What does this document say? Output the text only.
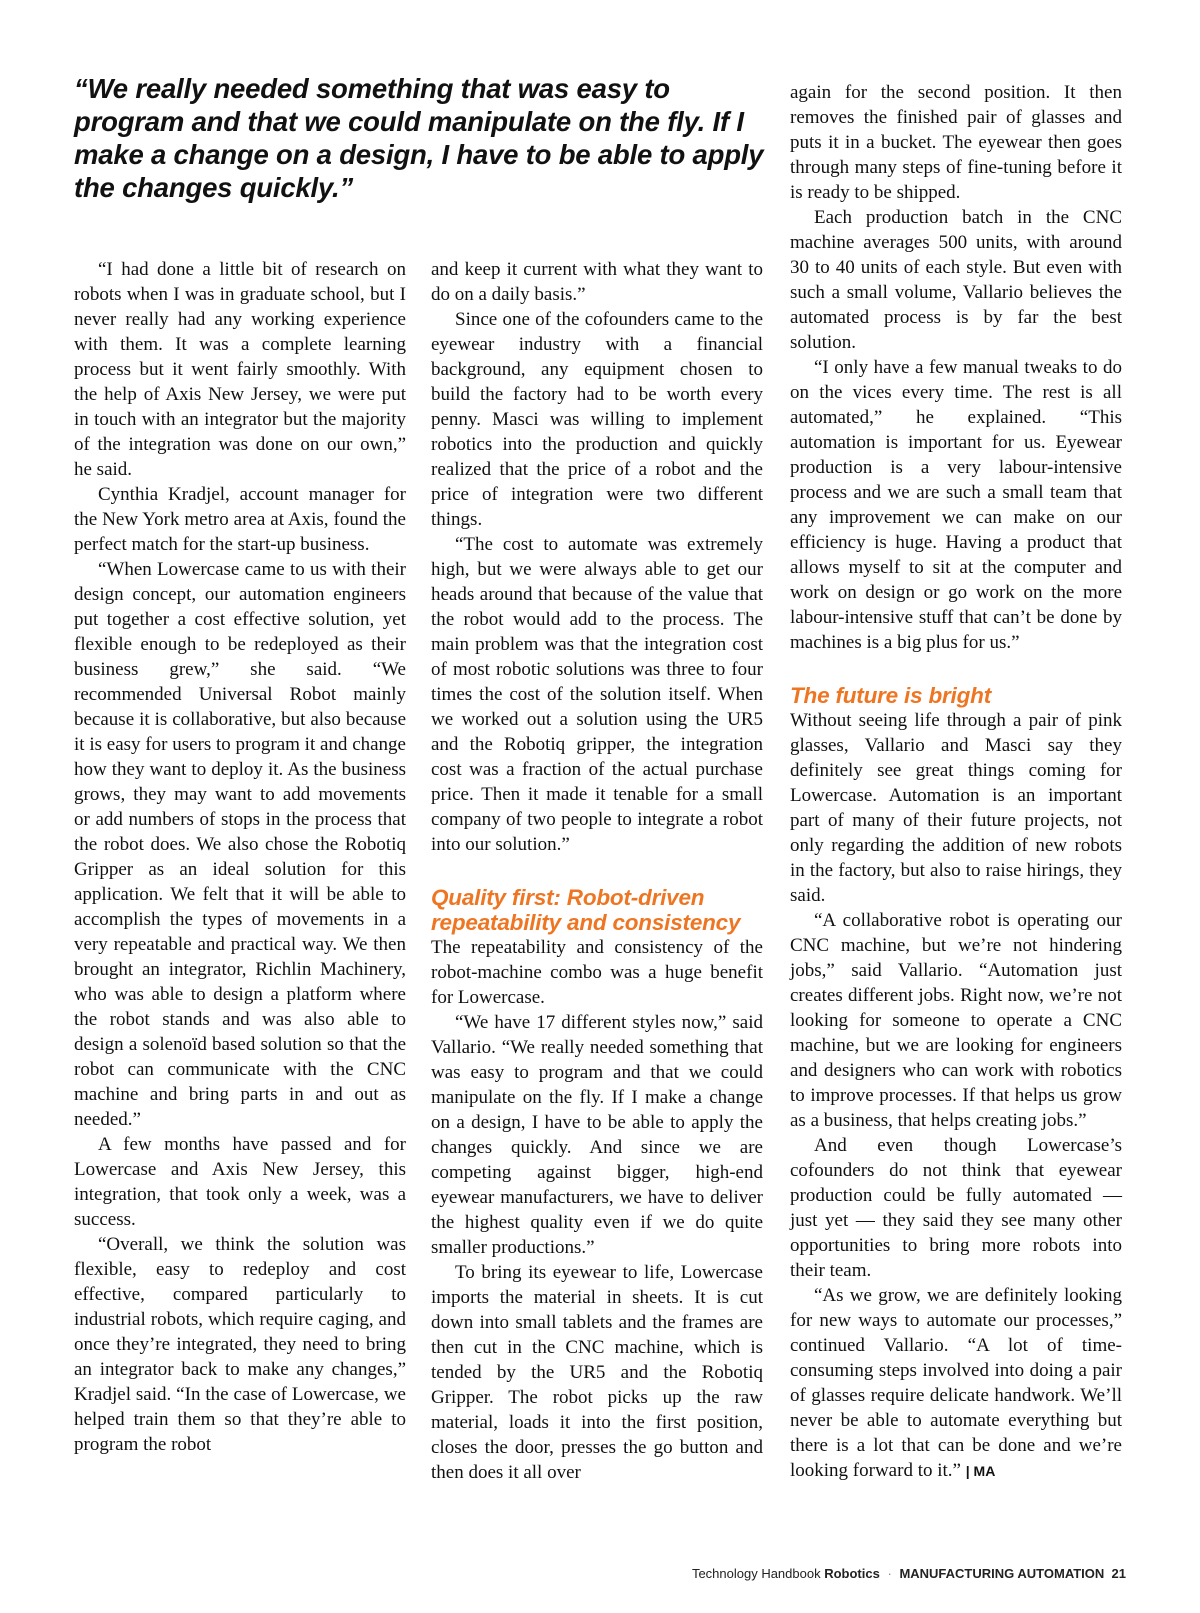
“We really needed something that was easy to program and that we could manipulate on the fly. If I make a change on a design, I have to be able to apply the changes quickly.”

“I had done a little bit of research on robots when I was in graduate school, but I never really had any working experience with them. It was a complete learning process but it went fairly smoothly. With the help of Axis New Jersey, we were put in touch with an integrator but the majority of the integration was done on our own,” he said.

Cynthia Kradjel, account manager for the New York metro area at Axis, found the perfect match for the start-up business.

“When Lowercase came to us with their design concept, our automation engineers put together a cost effective solution, yet flexible enough to be redeployed as their business grew,” she said. “We recommended Universal Robot mainly because it is collaborative, but also because it is easy for users to program it and change how they want to deploy it. As the business grows, they may want to add movements or add numbers of stops in the process that the robot does. We also chose the Robotiq Gripper as an ideal solution for this application. We felt that it will be able to accomplish the types of movements in a very repeatable and practical way. We then brought an integrator, Richlin Machinery, who was able to design a platform where the robot stands and was also able to design a solenoïd based solution so that the robot can communicate with the CNC machine and bring parts in and out as needed.”

A few months have passed and for Lowercase and Axis New Jersey, this integration, that took only a week, was a success.

“Overall, we think the solution was flexible, easy to redeploy and cost effective, compared particularly to industrial robots, which require caging, and once they’re integrated, they need to bring an integrator back to make any changes,” Kradjel said. “In the case of Lowercase, we helped train them so that they’re able to program the robot

and keep it current with what they want to do on a daily basis.”

Since one of the cofounders came to the eyewear industry with a financial background, any equipment chosen to build the factory had to be worth every penny. Masci was willing to implement robotics into the production and quickly realized that the price of a robot and the price of integration were two different things.

“The cost to automate was extremely high, but we were always able to get our heads around that because of the value that the robot would add to the process. The main problem was that the integration cost of most robotic solutions was three to four times the cost of the solution itself. When we worked out a solution using the UR5 and the Robotiq gripper, the integration cost was a fraction of the actual purchase price. Then it made it tenable for a small company of two people to integrate a robot into our solution.”

Quality first: Robot-driven repeatability and consistency

The repeatability and consistency of the robot-machine combo was a huge benefit for Lowercase.

“We have 17 different styles now,” said Vallario. “We really needed something that was easy to program and that we could manipulate on the fly. If I make a change on a design, I have to be able to apply the changes quickly. And since we are competing against bigger, high-end eyewear manufacturers, we have to deliver the highest quality even if we do quite smaller productions.”

To bring its eyewear to life, Lowercase imports the material in sheets. It is cut down into small tablets and the frames are then cut in the CNC machine, which is tended by the UR5 and the Robotiq Gripper. The robot picks up the raw material, loads it into the first position, closes the door, presses the go button and then does it all over

again for the second position. It then removes the finished pair of glasses and puts it in a bucket. The eyewear then goes through many steps of fine-tuning before it is ready to be shipped.

Each production batch in the CNC machine averages 500 units, with around 30 to 40 units of each style. But even with such a small volume, Vallario believes the automated process is by far the best solution.

“I only have a few manual tweaks to do on the vices every time. The rest is all automated,” he explained. “This automation is important for us. Eyewear production is a very labour-intensive process and we are such a small team that any improvement we can make on our efficiency is huge. Having a product that allows myself to sit at the computer and work on design or go work on the more labour-intensive stuff that can’t be done by machines is a big plus for us.”

The future is bright

Without seeing life through a pair of pink glasses, Vallario and Masci say they definitely see great things coming for Lowercase. Automation is an important part of many of their future projects, not only regarding the addition of new robots in the factory, but also to raise hirings, they said.

“A collaborative robot is operating our CNC machine, but we’re not hindering jobs,” said Vallario. “Automation just creates different jobs. Right now, we’re not looking for someone to operate a CNC machine, but we are looking for engineers and designers who can work with robotics to improve processes. If that helps us grow as a business, that helps creating jobs.”

And even though Lowercase’s cofounders do not think that eyewear production could be fully automated — just yet — they said they see many other opportunities to bring more robots into their team.

“As we grow, we are definitely looking for new ways to automate our processes,” continued Vallario. “A lot of time-consuming steps involved into doing a pair of glasses require delicate handwork. We’ll never be able to automate everything but there is a lot that can be done and we’re looking forward to it.” | MA

Technology Handbook Robotics · MANUFACTURING AUTOMATION 21
